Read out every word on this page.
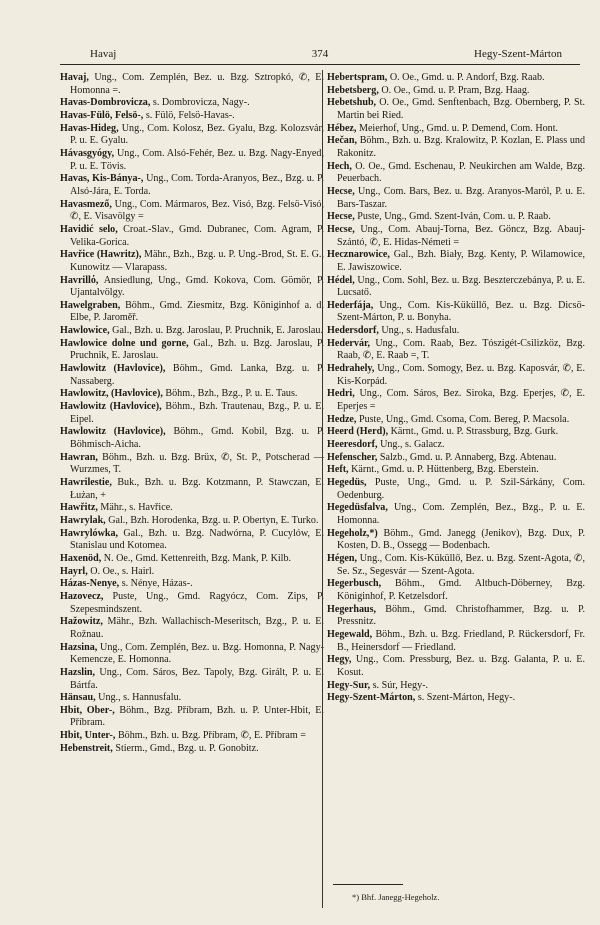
Havaj	374	Hegy-Szent-Márton
Havaj, Ung., Com. Zemplén, Bez. u. Bzg. Sztropkó, ✆, E. Homonna =.
Havas-Dombrovicza, s. Dombrovicza, Nagy-.
Havas-Fülö, Felsö-, s. Fülö, Felsö-Havas-.
Havas-Hideg, Ung., Com. Kolosz, Bez. Gyalu, Bzg. Kolozsvár, P. u. E. Gyalu.
Hávasgyógy, Ung., Com. Alsó-Fehér, Bez. u. Bzg. Nagy-Enyed, P. u. E. Tövis.
Havas, Kis-Bánya-, Ung., Com. Torda-Aranyos, Bez., Bzg. u. P. Alsó-Jára, E. Torda.
Havasmező, Ung., Com. Mármaros, Bez. Visó, Bzg. Felsö-Visó, ✆, E. Visavölgy =
Havidić selo, Croat.-Slav., Gmd. Dubranec, Com. Agram, P. Velika-Gorica.
Havřice (Hawritz), Mähr., Bzh., Bzg. u. P. Ung.-Brod, St. E. G., Kunowitz — Vlarapass.
Havrillό, Ansiedlung, Ung., Gmd. Kokova, Com. Gömör, P. Ujantalvölgy.
Hawelgraben, Böhm., Gmd. Ziesmitz, Bzg. Königinhof a. d. Elbe, P. Jaroměř.
Hawlowice, Gal., Bzh. u. Bzg. Jaroslau, P. Pruchnik, E. Jaroslau.
Hawlowice dolne und gorne, Gal., Bzh. u. Bzg. Jaroslau, P. Pruchnik, E. Jaroslau.
Hawlowitz (Havlovice), Böhm., Gmd. Lanka, Bzg. u. P. Nassaberg.
Hawlowitz, (Havlovice), Böhm., Bzh., Bzg., P. u. E. Taus.
Hawlowitz (Havlovice), Böhm., Bzh. Trautenau, Bzg., P. u. E. Eipel.
Hawlowitz (Havlovice), Böhm., Gmd. Kobil, Bzg. u. P. Böhmisch-Aicha.
Hawran, Böhm., Bzh. u. Bzg. Brüx, ✆, St. P., Potscherad — Wurzmes, T.
Hawrilestie, Buk., Bzh. u. Bzg. Kotzmann, P. Stawczan, E. Łużan, +
Hawřitz, Mähr., s. Havřice.
Hawrylak, Gal., Bzh. Horodenka, Bzg. u. P. Obertyn, E. Turko.
Hawrylówka, Gal., Bzh. u. Bzg. Nadwórna, P. Cucylów, E. Stanislau und Kotomea.
Haxenöd, N. Oe., Gmd. Kettenreith, Bzg. Mank, P. Kilb.
Hayrl, O. Oe., s. Hairl.
Házas-Nenye, s. Nénye, Házas-.
Hazovecz, Puste, Ung., Gmd. Ragyócz, Com. Zips, P. Szepesmindszent.
Hažowitz, Mähr., Bzh. Wallachisch-Meseritsch, Bzg., P. u. E. Rožnau.
Hazsina, Ung., Com. Zemplén, Bez. u. Bzg. Homonna, P. Nagy-Kemencze, E. Homonna.
Hazslin, Ung., Com. Sáros, Bez. Tapoly, Bzg. Girált, P. u. E. Bártfa.
Hänsau, Ung., s. Hannusfalu.
Hbit, Ober-, Böhm., Bzg. Příbram, Bzh. u. P. Unter-Hbit, E. Příbram.
Hbit, Unter-, Böhm., Bzh. u. Bzg. Příbram, ✆, E. Příbram =
Hebenstreit, Stierm., Gmd., Bzg. u. P. Gonobitz.
Hebertspram, O. Oe., Gmd. u. P. Andorf, Bzg. Raab.
Hebetsberg, O. Oe., Gmd. u. P. Pram, Bzg. Haag.
Hebetshub, O. Oe., Gmd. Senftenbach, Bzg. Obernberg, P. St. Martin bei Ried.
Hébez, Meierhof, Ung., Gmd. u. P. Demend, Com. Hont.
Hečan, Böhm., Bzh. u. Bzg. Kralowitz, P. Kozlan, E. Plass und Rakonitz.
Hech, O. Oe., Gmd. Eschenau, P. Neukirchen am Walde, Bzg. Peuerbach.
Hecse, Ung., Com. Bars, Bez. u. Bzg. Aranyos-Maról, P. u. E. Bars-Taszar.
Hecse, Puste, Ung., Gmd. Szent-Iván, Com. u. P. Raab.
Hecse, Ung., Com. Abauj-Torna, Bez. Göncz, Bzg. Abauj-Szántó, ✆, E. Hidas-Németi =
Hecznarowice, Gal., Bzh. Biały, Bzg. Kenty, P. Wilamowice, E. Jawiszowice.
Hédel, Ung., Com. Sohl, Bez. u. Bzg. Beszterczebánya, P. u. E. Lucsatő.
Hederfája, Ung., Com. Kis-Küküllő, Bez. u. Bzg. Dicsö-Szent-Márton, P. u. Bonyha.
Hedersdorf, Ung., s. Hadusfalu.
Hedervár, Ung., Com. Raab, Bez. Tószigét-Csilizköz, Bzg. Raab, ✆, E. Raab =, T.
Hedrahely, Ung., Com. Somogy, Bez. u. Bzg. Kaposvár, ✆, E. Kis-Korpád.
Hedri, Ung., Com. Sáros, Bez. Siroka, Bzg. Eperjes, ✆, E. Eperjes =
Hedze, Puste, Ung., Gmd. Csoma, Com. Bereg, P. Macsola.
Heerd (Herd), Kärnt., Gmd. u. P. Strassburg, Bzg. Gurk.
Heeresdorf, Ung., s. Galacz.
Hefenscher, Salzb., Gmd. u. P. Annaberg, Bzg. Abtenau.
Heft, Kärnt., Gmd. u. P. Hüttenberg, Bzg. Eberstein.
Hegedüs, Puste, Ung., Gmd. u. P. Szil-Sárkány, Com. Oedenburg.
Hegedüsfalva, Ung., Com. Zemplén, Bez., Bzg., P. u. E. Homonna.
Hegeholz,*) Böhm., Gmd. Janegg (Jenikov), Bzg. Dux, P. Kosten, D. B., Ossegg — Bodenbach.
Hégen, Ung., Com. Kis-Küküllő, Bez. u. Bzg. Szent-Agota, ✆, Se. Sz., Segesvár — Szent-Agota.
Hegerbusch, Böhm., Gmd. Altbuch-Döberney, Bzg. Königinhof, P. Ketzelsdorf.
Hegerhaus, Böhm., Gmd. Christofhammer, Bzg. u. P. Pressnitz.
Hegewald, Böhm., Bzh. u. Bzg. Friedland, P. Rückersdorf, Fr. B., Heinersdorf — Friedland.
Hegy, Ung., Com. Pressburg, Bez. u. Bzg. Galanta, P. u. E. Kosut.
Hegy-Sur, s. Súr, Hegy-.
Hegy-Szent-Márton, s. Szent-Márton, Hegy-.
*) Bhf. Janegg-Hegeholz.
